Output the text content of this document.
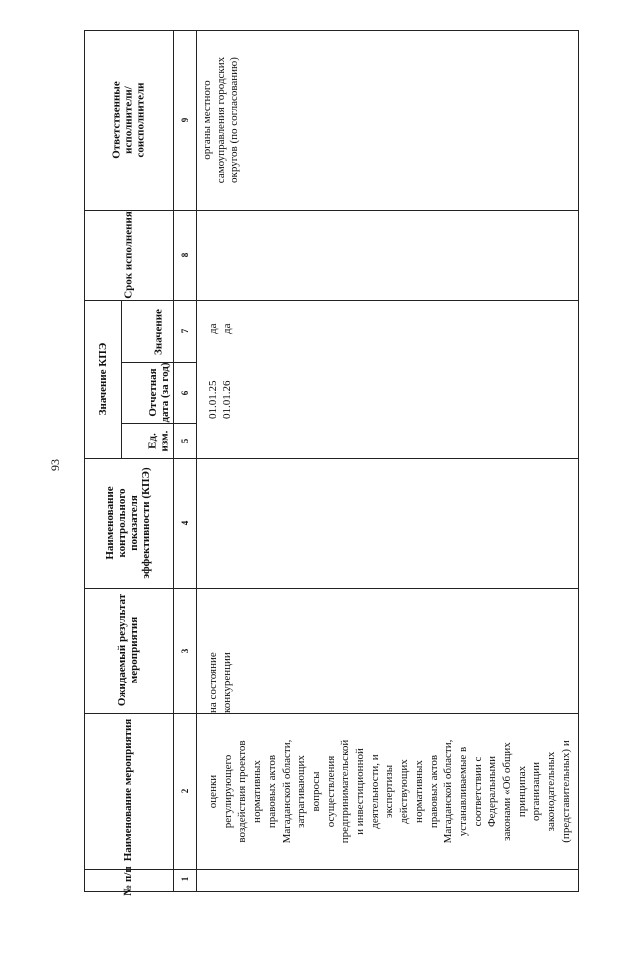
93
№ п/п
Наименование мероприятия
Ожидаемый результат мероприятия
Наименование контрольного показателя эффективности (КПЭ)
Значение КПЭ
Ед. изм.
Отчетная дата (за год)
Значение
Срок исполнения
Ответственные исполнители/ соисполнители
1
2
3
4
5
6
7
8
9
оценки регулирующего воздействия проектов нормативных правовых актов Магаданской области, затрагивающих вопросы осуществления предпринимательской и инвестиционной деятельности, и экспертизы действующих нормативных правовых актов Магаданской области, устанавливаемые в соответствии с Федеральными законами «Об общих принципах организации законодательных (представительных) и
на состояние конкуренции
01.01.25 01.01.26
да да
органы местного самоуправления городских округов (по согласованию)
